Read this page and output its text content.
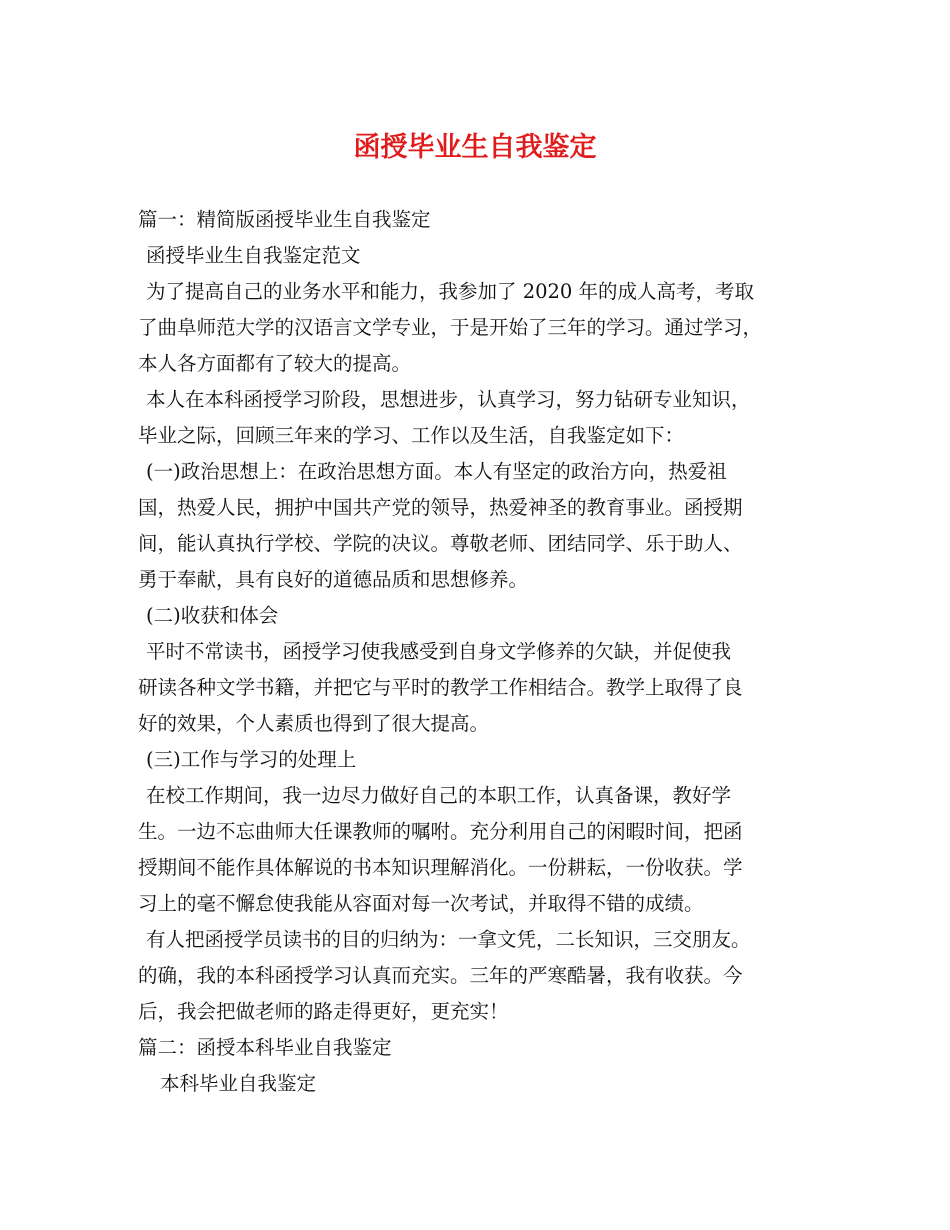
函授毕业生自我鉴定
篇一：精简版函授毕业生自我鉴定
函授毕业生自我鉴定范文
为了提高自己的业务水平和能力，我参加了 2020 年的成人高考，考取
了曲阜师范大学的汉语言文学专业，于是开始了三年的学习。通过学习，
本人各方面都有了较大的提高。
本人在本科函授学习阶段，思想进步，认真学习，努力钻研专业知识，
毕业之际，回顾三年来的学习、工作以及生活，自我鉴定如下：
(一)政治思想上：在政治思想方面。本人有坚定的政治方向，热爱祖
国，热爱人民，拥护中国共产党的领导，热爱神圣的教育事业。函授期
间，能认真执行学校、学院的决议。尊敬老师、团结同学、乐于助人、
勇于奉献，具有良好的道德品质和思想修养。
(二)收获和体会
平时不常读书，函授学习使我感受到自身文学修养的欠缺，并促使我
研读各种文学书籍，并把它与平时的教学工作相结合。教学上取得了良
好的效果，个人素质也得到了很大提高。
(三)工作与学习的处理上
在校工作期间，我一边尽力做好自己的本职工作，认真备课，教好学
生。一边不忘曲师大任课教师的嘱咐。充分利用自己的闲暇时间，把函
授期间不能作具体解说的书本知识理解消化。一份耕耘，一份收获。学
习上的毫不懈怠使我能从容面对每一次考试，并取得不错的成绩。
有人把函授学员读书的目的归纳为：一拿文凭，二长知识，三交朋友。
的确，我的本科函授学习认真而充实。三年的严寒酷暑，我有收获。今
后，我会把做老师的路走得更好，更充实！
篇二：函授本科毕业自我鉴定
本科毕业自我鉴定
